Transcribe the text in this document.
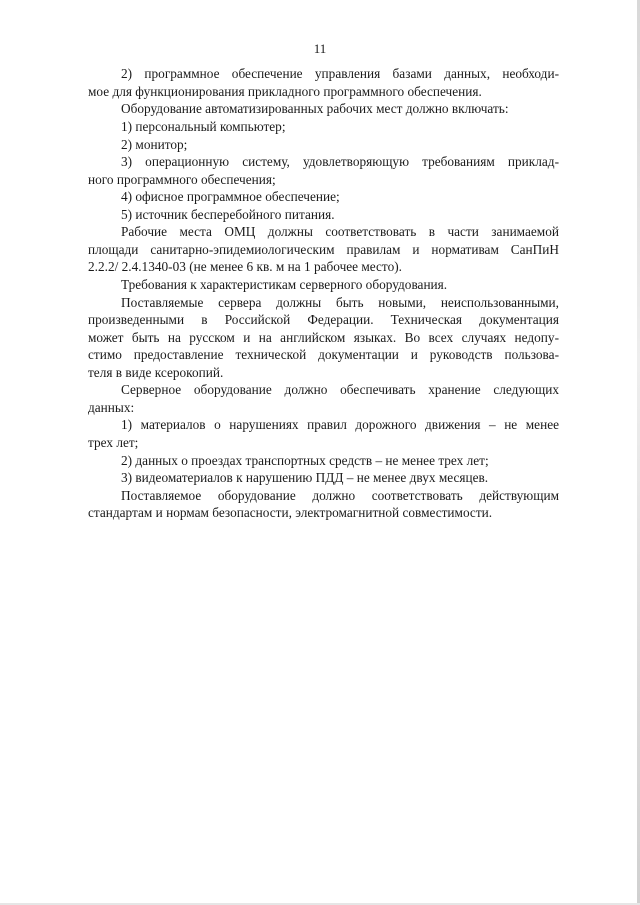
11
2) программное обеспечение управления базами данных, необходи-
мое для функционирования прикладного программного обеспечения.
Оборудование автоматизированных рабочих мест должно включать:
1) персональный компьютер;
2) монитор;
3) операционную систему, удовлетворяющую требованиям приклад-
ного программного обеспечения;
4) офисное программное обеспечение;
5) источник бесперебойного питания.
Рабочие места ОМЦ должны соответствовать в части занимаемой
площади санитарно-эпидемиологическим правилам и нормативам СанПиН
2.2.2/ 2.4.1340-03 (не менее 6 кв. м на 1 рабочее место).
Требования к характеристикам серверного оборудования.
Поставляемые сервера должны быть новыми, неиспользованными,
произведенными в Российской Федерации. Техническая документация
может быть на русском и на английском языках. Во всех случаях недопу-
стимо предоставление технической документации и руководств пользова-
теля в виде ксерокопий.
Серверное оборудование должно обеспечивать хранение следующих
данных:
1) материалов о нарушениях правил дорожного движения – не менее
трех лет;
2) данных о проездах транспортных средств – не менее трех лет;
3) видеоматериалов к нарушению ПДД – не менее двух месяцев.
Поставляемое оборудование должно соответствовать действующим
стандартам и нормам безопасности, электромагнитной совместимости.
